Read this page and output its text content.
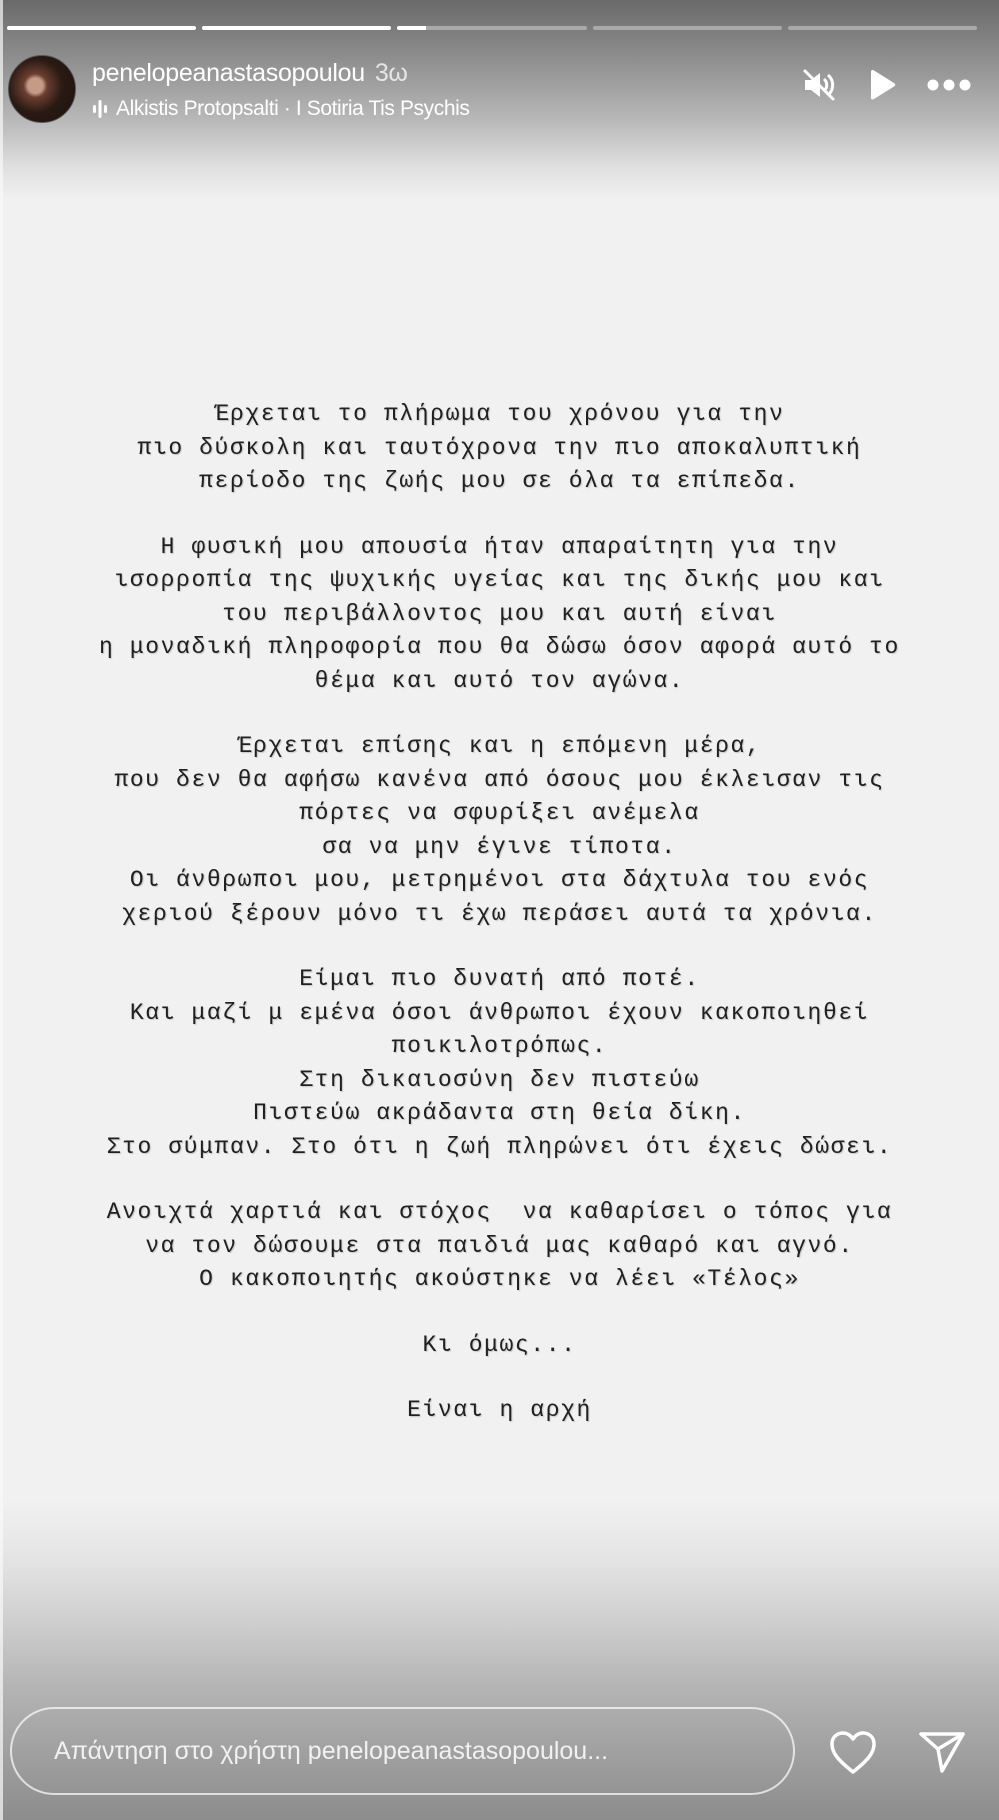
penelopeanastasopoulou 3ω
Alkistis Protopsalti · I Sotiria Tis Psychis
Έρχεται το πλήρωμα του χρόνου για την
πιο δύσκολη και ταυτόχρονα την πιο αποκαλυπτική
περίοδο της ζωής μου σε όλα τα επίπεδα.
Η φυσική μου απουσία ήταν απαραίτητη για την
ισορροπία της ψυχικής υγείας και της δικής μου και
του περιβάλλοντος μου και αυτή είναι
η μοναδική πληροφορία που θα δώσω όσον αφορά αυτό το
θέμα και αυτό τον αγώνα.
Έρχεται επίσης και η επόμενη μέρα,
που δεν θα αφήσω κανένα από όσους μου έκλεισαν τις
πόρτες να σφυρίξει ανέμελα
σα να μην έγινε τίποτα.
Οι άνθρωποι μου, μετρημένοι στα δάχτυλα του ενός
χεριού ξέρουν μόνο τι έχω περάσει αυτά τα χρόνια.
Είμαι πιο δυνατή από ποτέ.
Και μαζί μ εμένα όσοι άνθρωποι έχουν κακοποιηθεί
ποικιλοτρόπως.
Στη δικαιοσύνη δεν πιστεύω
Πιστεύω ακράδαντα στη θεία δίκη.
Στο σύμπαν. Στο ότι η ζωή πληρώνει ότι έχεις δώσει.
Ανοιχτά χαρτιά και στόχος  να καθαρίσει ο τόπος για
να τον δώσουμε στα παιδιά μας καθαρό και αγνό.
Ο κακοποιητής ακούστηκε να λέει «Τέλος»
Κι όμως...
Είναι η αρχή
Απάντηση στο χρήστη penelopeanastasopoulou...
